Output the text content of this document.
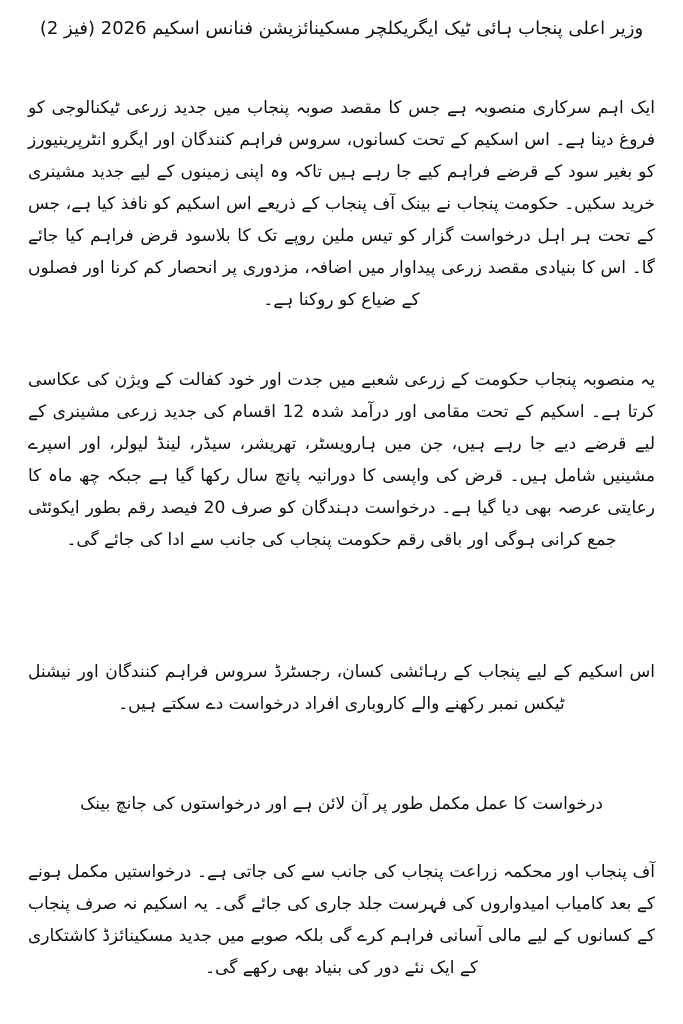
وزیر اعلی پنجاب ہائی ٹیک ایگریکلچر مسکینائزیشن فنانس اسکیم 2026 (فیز 2)

ایک اہم سرکاری منصوبہ ہے جس کا مقصد صوبہ پنجاب میں جدید زرعی ٹیکنالوجی کو فروغ دینا ہے۔ اس اسکیم کے تحت کسانوں، سروس فراہم کنندگان اور ایگرو انٹرپرینیورز کو بغیر سود کے قرضے فراہم کیے جا رہے ہیں تاکہ وہ اپنی زمینوں کے لیے جدید مشینری خرید سکیں۔ حکومت پنجاب نے بینک آف پنجاب کے ذریعے اس اسکیم کو نافذ کیا ہے، جس کے تحت ہر اہل درخواست گزار کو تیس ملین روپے تک کا بلاسود قرض فراہم کیا جائے گا۔ اس کا بنیادی مقصد زرعی پیداوار میں اضافہ، مزدوری پر انحصار کم کرنا اور فصلوں کے ضیاع کو روکنا ہے۔

یہ منصوبہ پنجاب حکومت کے زرعی شعبے میں جدت اور خود کفالت کے ویژن کی عکاسی کرتا ہے۔ اسکیم کے تحت مقامی اور درآمد شدہ 12 اقسام کی جدید زرعی مشینری کے لیے قرضے دیے جا رہے ہیں، جن میں ہارویسٹر، تھریشر، سیڈر، لینڈ لیولر، اور اسپرے مشینیں شامل ہیں۔ قرض کی واپسی کا دورانیہ پانچ سال رکھا گیا ہے جبکہ چھ ماہ کا رعایتی عرصہ بھی دیا گیا ہے۔ درخواست دہندگان کو صرف 20 فیصد رقم بطور ایکوئٹی جمع کرانی ہوگی اور باقی رقم حکومت پنجاب کی جانب سے ادا کی جائے گی۔

اس اسکیم کے لیے پنجاب کے رہائشی کسان، رجسٹرڈ سروس فراہم کنندگان اور نیشنل ٹیکس نمبر رکھنے والے کاروباری افراد درخواست دے سکتے ہیں۔

درخواست کا عمل مکمل طور پر آن لائن ہے اور درخواستوں کی جانچ بینک

آف پنجاب اور محکمہ زراعت پنجاب کی جانب سے کی جاتی ہے۔ درخواستیں مکمل ہونے کے بعد کامیاب امیدواروں کی فہرست جلد جاری کی جائے گی۔ یہ اسکیم نہ صرف پنجاب کے کسانوں کے لیے مالی آسانی فراہم کرے گی بلکہ صوبے میں جدید مسکینائزڈ کاشتکاری کے ایک نئے دور کی بنیاد بھی رکھے گی۔
